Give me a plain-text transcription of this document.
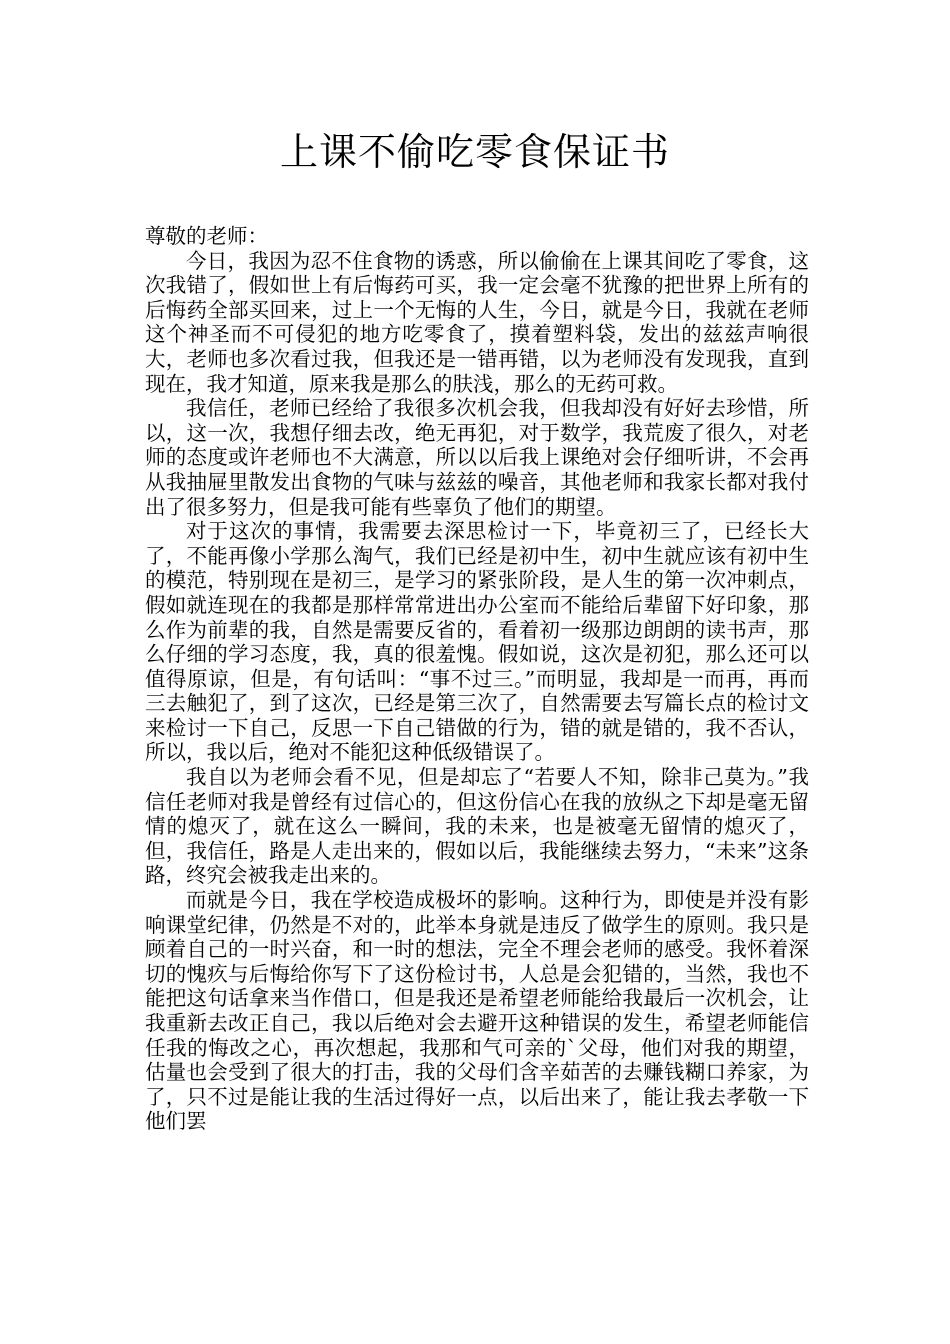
上课不偷吃零食保证书

尊敬的老师：

今日，我因为忍不住食物的诱惑，所以偷偷在上课其间吃了零食，这次我错了，假如世上有后悔药可买，我一定会毫不犹豫的把世界上所有的后悔药全部买回来，过上一个无悔的人生，今日，就是今日，我就在老师这个神圣而不可侵犯的地方吃零食了，摸着塑料袋，发出的兹兹声响很大，老师也多次看过我，但我还是一错再错，以为老师没有发现我，直到现在，我才知道，原来我是那么的肤浅，那么的无药可救。

我信任，老师已经给了我很多次机会我，但我却没有好好去珍惜，所以，这一次，我想仔细去改，绝无再犯，对于数学，我荒废了很久，对老师的态度或许老师也不大满意，所以以后我上课绝对会仔细听讲，不会再从我抽屉里散发出食物的气味与兹兹的噪音，其他老师和我家长都对我付出了很多努力，但是我可能有些辜负了他们的期望。

对于这次的事情，我需要去深思检讨一下，毕竟初三了，已经长大了，不能再像小学那么淘气，我们已经是初中生，初中生就应该有初中生的模范，特别现在是初三，是学习的紧张阶段，是人生的第一次冲刺点，假如就连现在的我都是那样常常进出办公室而不能给后辈留下好印象，那么作为前辈的我，自然是需要反省的，看着初一级那边朗朗的读书声，那么仔细的学习态度，我，真的很羞愧。假如说，这次是初犯，那么还可以值得原谅，但是，有句话叫：“事不过三。”而明显，我却是一而再，再而三去触犯了，到了这次，已经是第三次了，自然需要去写篇长点的检讨文来检讨一下自己，反思一下自己错做的行为，错的就是错的，我不否认，所以，我以后，绝对不能犯这种低级错误了。

我自以为老师会看不见，但是却忘了“若要人不知，除非己莫为。”我信任老师对我是曾经有过信心的，但这份信心在我的放纵之下却是毫无留情的熄灭了，就在这么一瞬间，我的未来，也是被毫无留情的熄灭了，但，我信任，路是人走出来的，假如以后，我能继续去努力，“未来”这条路，终究会被我走出来的。

而就是今日，我在学校造成极坏的影响。这种行为，即使是并没有影响课堂纪律，仍然是不对的，此举本身就是违反了做学生的原则。我只是顾着自己的一时兴奋，和一时的想法，完全不理会老师的感受。我怀着深切的愧疚与后悔给你写下了这份检讨书，人总是会犯错的，当然，我也不能把这句话拿来当作借口，但是我还是希望老师能给我最后一次机会，让我重新去改正自己，我以后绝对会去避开这种错误的发生，希望老师能信任我的悔改之心，再次想起，我那和气可亲的`父母，他们对我的期望，估量也会受到了很大的打击，我的父母们含辛茹苦的去赚钱糊口养家，为了，只不过是能让我的生活过得好一点，以后出来了，能让我去孝敬一下他们罢
